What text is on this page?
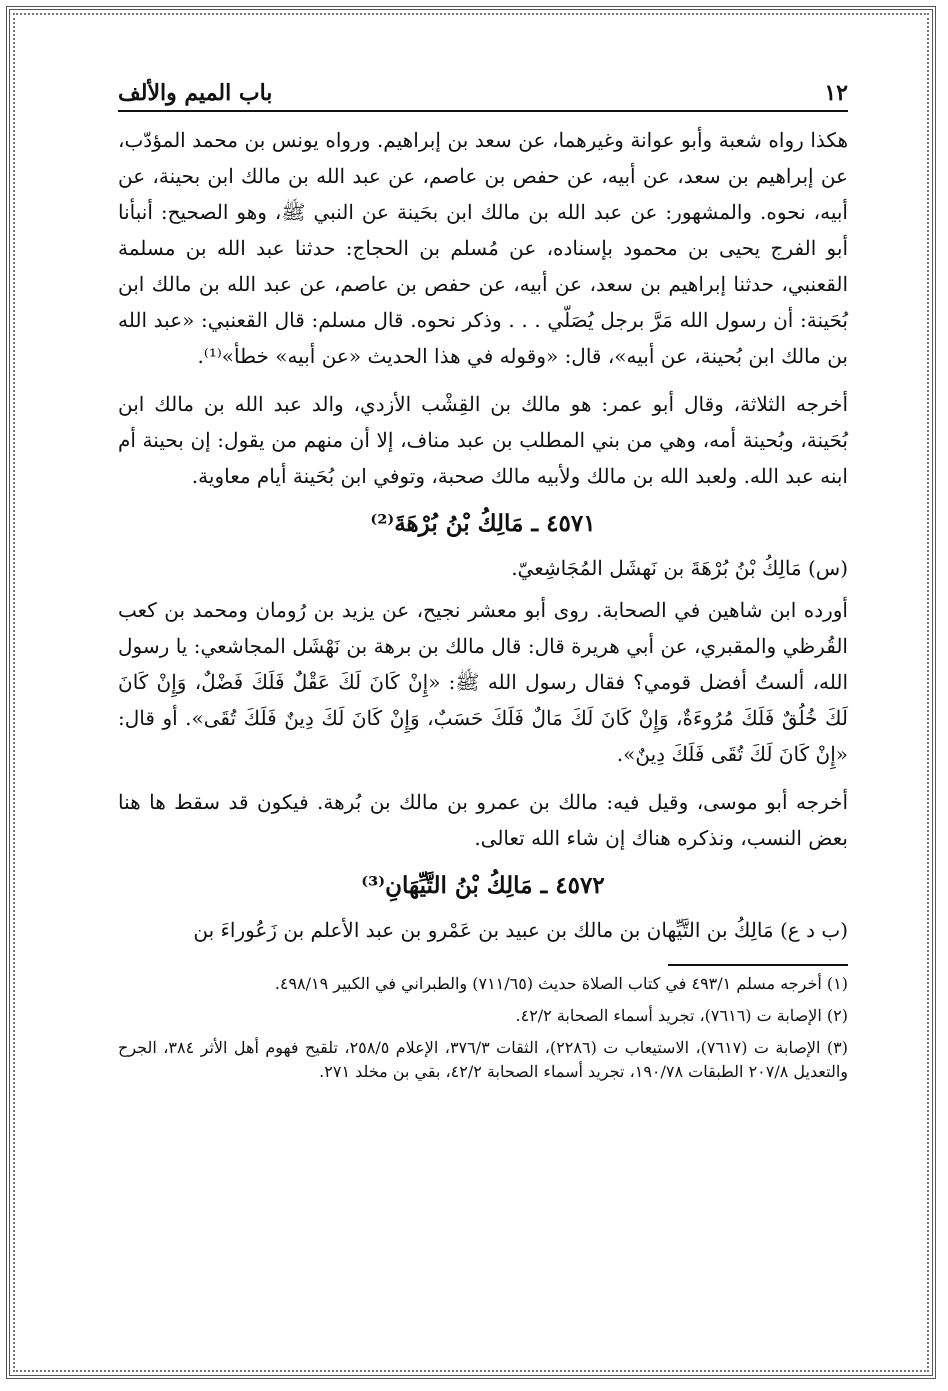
١٢
باب الميم والألف

هكذا رواه شعبة وأبو عوانة وغيرهما، عن سعد بن إبراهيم. ورواه يونس بن محمد المؤدّب، عن إبراهيم بن سعد، عن أبيه، عن حفص بن عاصم، عن عبد الله بن مالك ابن بحينة، عن أبيه، نحوه. والمشهور: عن عبد الله بن مالك ابن بحَينة عن النبي ﷺ، وهو الصحيح: أنبأنا أبو الفرج يحيى بن محمود بإسناده، عن مُسلم بن الحجاج: حدثنا عبد الله بن مسلمة القعنبي، حدثنا إبراهيم بن سعد، عن أبيه، عن حفص بن عاصم، عن عبد الله بن مالك ابن بُحَينة: أن رسول الله مَرَّ برجل يُصَلّي . . . وذكر نحوه. قال مسلم: قال القعنبي: «عبد الله بن مالك ابن بُحينة، عن أبيه»، قال: «وقوله في هذا الحديث «عن أبيه» خطأ»⁽¹⁾.

أخرجه الثلاثة، وقال أبو عمر: هو مالك بن القِشْب الأزدي، والد عبد الله بن مالك ابن بُحَينة، وبُحينة أمه، وهي من بني المطلب بن عبد مناف، إلا أن منهم من يقول: إن بحينة أم ابنه عبد الله. ولعبد الله بن مالك ولأبيه مالك صحبة، وتوفي ابن بُحَينة أيام معاوية.

٤٥٧١ ـ مَالِكُ بْنُ بُرْهَةَ⁽²⁾

(س) مَالِكُ بْنُ بُرْهَةَ بن نَهشَل المُجَاشِعيّ.

أورده ابن شاهين في الصحابة. روى أبو معشر نجيح، عن يزيد بن رُومان ومحمد بن كعب القُرظي والمقبري، عن أبي هريرة قال: قال مالك بن برهة بن نَهْشَل المجاشعي: يا رسول الله، ألستُ أفضل قومي؟ فقال رسول الله ﷺ: «إِنْ كَانَ لَكَ عَقْلٌ فَلَكَ فَضْلٌ، وَإِنْ كَانَ لَكَ خُلُقٌ فَلَكَ مُرُوءَةٌ، وَإِنْ كَانَ لَكَ مَالٌ فَلَكَ حَسَبٌ، وَإِنْ كَانَ لَكَ دِينٌ فَلَكَ تُقَى». أو قال: «إِنْ كَانَ لَكَ تُقَى فَلَكَ دِينٌ».

أخرجه أبو موسى، وقيل فيه: مالك بن عمرو بن مالك بن بُرهة. فيكون قد سقط ها هنا بعض النسب، ونذكره هناك إن شاء الله تعالى.

٤٥٧٢ ـ مَالِكُ بْنُ التَّيِّهَانِ⁽³⁾

(ب د ع) مَالِكُ بن التَّيِّهان بن مالك بن عبيد بن عَمْرو بن عبد الأعلم بن زَعُوراءَ بن

(١) أخرجه مسلم ٤٩٣/١ في كتاب الصلاة حديث (٧١١/٦٥) والطبراني في الكبير ٤٩٨/١٩.

(٢) الإصابة ت (٧٦١٦)، تجريد أسماء الصحابة ٤٢/٢.

(٣) الإصابة ت (٧٦١٧)، الاستيعاب ت (٢٢٨٦)، الثقات ٣٧٦/٣، الإعلام ٢٥٨/٥، تلقيح فهوم أهل الأثر ٣٨٤، الجرح والتعديل ٢٠٧/٨ الطبقات ١٩٠/٧٨، تجريد أسماء الصحابة ٤٢/٢، بقي بن مخلد ٢٧١.
